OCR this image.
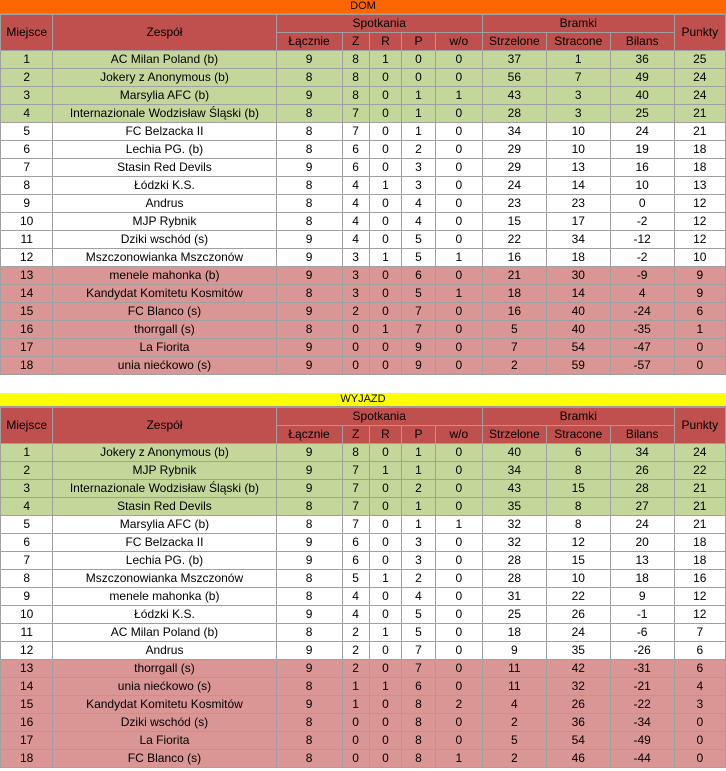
DOM
Miejsce	Zespół	Spotkania					Bramki			Punkty
		Łącznie	Z	R	P	w/o	Strzelone	Stracone	Bilans	
1	AC Milan Poland (b)	9	8	1	0	0	37	1	36	25
2	Jokery z Anonymous (b)	8	8	0	0	0	56	7	49	24
3	Marsylia AFC (b)	9	8	0	1	1	43	3	40	24
4	Internazionale Wodzisław Śląski (b)	8	7	0	1	0	28	3	25	21
5	FC Belzacka II	8	7	0	1	0	34	10	24	21
6	Lechia PG. (b)	8	6	0	2	0	29	10	19	18
7	Stasin Red Devils	9	6	0	3	0	29	13	16	18
8	Łódzki K.S.	8	4	1	3	0	24	14	10	13
9	Andrus	8	4	0	4	0	23	23	0	12
10	MJP Rybnik	8	4	0	4	0	15	17	-2	12
11	Dziki wschód (s)	9	4	0	5	0	22	34	-12	12
12	Mszczonowianka Mszczonów	9	3	1	5	1	16	18	-2	10
13	menele mahonka (b)	9	3	0	6	0	21	30	-9	9
14	Kandydat Komitetu Kosmitów	8	3	0	5	1	18	14	4	9
15	FC Blanco (s)	9	2	0	7	0	16	40	-24	6
16	thorrgall (s)	8	0	1	7	0	5	40	-35	1
17	La Fiorita	9	0	0	9	0	7	54	-47	0
18	unia niećkowo (s)	9	0	0	9	0	2	59	-57	0
WYJAZD
Miejsce	Zespół	Spotkania					Bramki			Punkty
		Łącznie	Z	R	P	w/o	Strzelone	Stracone	Bilans	
1	Jokery z Anonymous (b)	9	8	0	1	0	40	6	34	24
2	MJP Rybnik	9	7	1	1	0	34	8	26	22
3	Internazionale Wodzisław Śląski (b)	9	7	0	2	0	43	15	28	21
4	Stasin Red Devils	8	7	0	1	0	35	8	27	21
5	Marsylia AFC (b)	8	7	0	1	1	32	8	24	21
6	FC Belzacka II	9	6	0	3	0	32	12	20	18
7	Lechia PG. (b)	9	6	0	3	0	28	15	13	18
8	Mszczonowianka Mszczonów	8	5	1	2	0	28	10	18	16
9	menele mahonka (b)	8	4	0	4	0	31	22	9	12
10	Łódzki K.S.	9	4	0	5	0	25	26	-1	12
11	AC Milan Poland (b)	8	2	1	5	0	18	24	-6	7
12	Andrus	9	2	0	7	0	9	35	-26	6
13	thorrgall (s)	9	2	0	7	0	11	42	-31	6
14	unia niećkowo (s)	8	1	1	6	0	11	32	-21	4
15	Kandydat Komitetu Kosmitów	9	1	0	8	2	4	26	-22	3
16	Dziki wschód (s)	8	0	0	8	0	2	36	-34	0
17	La Fiorita	8	0	0	8	0	5	54	-49	0
18	FC Blanco (s)	8	0	0	8	1	2	46	-44	0
